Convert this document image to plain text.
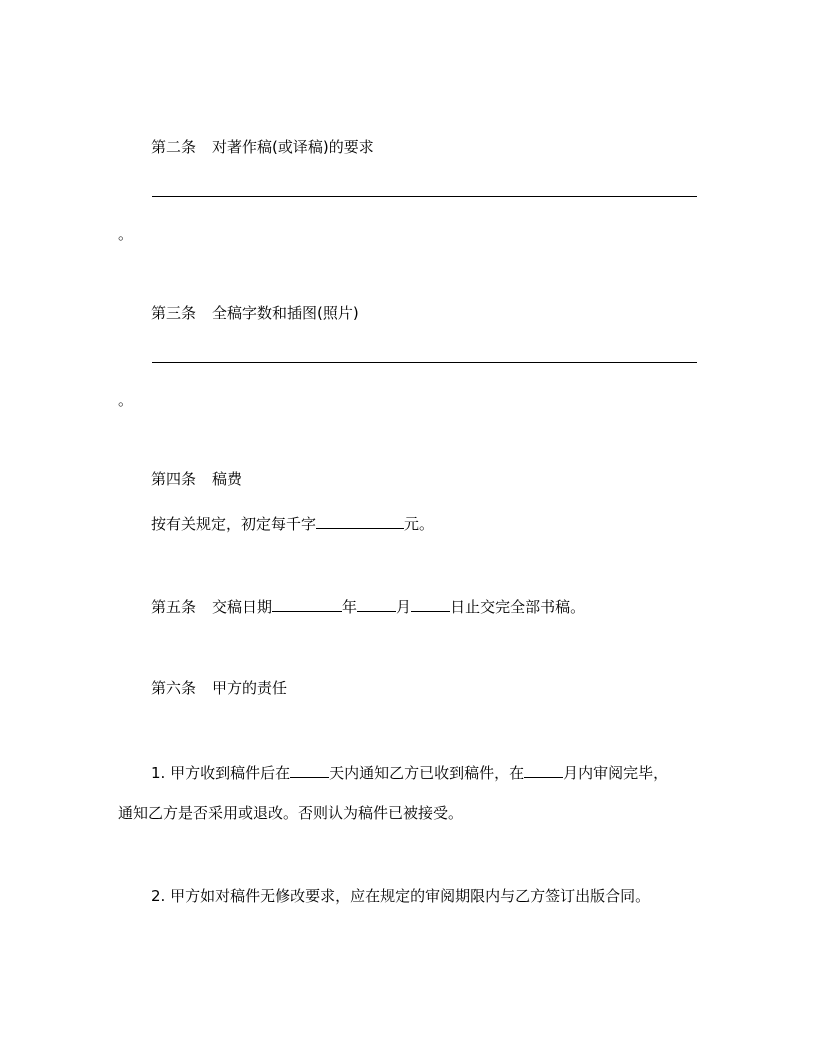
第二条 对著作稿(或译稿)的要求
。
第三条 全稿字数和插图(照片)
。
第四条 稿费
按有关规定，初定每千字	元。
第五条 交稿日期	年	月	日止交完全部书稿。
第六条 甲方的责任
1. 甲方收到稿件后在	天内通知乙方已收到稿件，在	月内审阅完毕，
通知乙方是否采用或退改。否则认为稿件已被接受。
2. 甲方如对稿件无修改要求，应在规定的审阅期限内与乙方签订出版合同。
